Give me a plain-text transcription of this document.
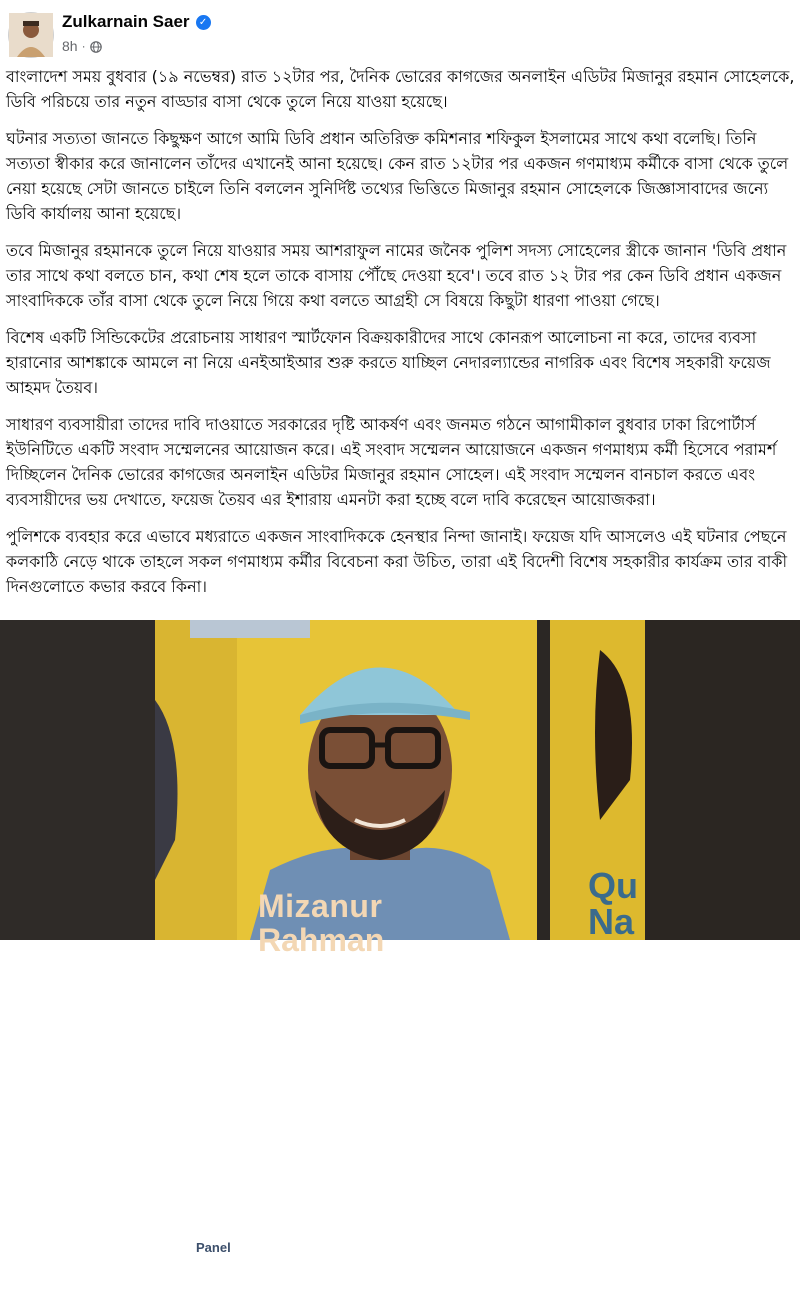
Zulkarnain Saer ✓
8h ·

বাংলাদেশ সময় বুধবার (১৯ নভেম্বর) রাত ১২টার পর, দৈনিক ভোরের কাগজের অনলাইন এডিটর মিজানুর রহমান সোহেলকে, ডিবি পরিচয়ে তার নতুন বাড্ডার বাসা থেকে তুলে নিয়ে যাওয়া হয়েছে।

ঘটনার সত্যতা জানতে কিছুক্ষণ আগে আমি ডিবি প্রধান অতিরিক্ত কমিশনার শফিকুল ইসলামের সাথে কথা বলেছি। তিনি সত্যতা স্বীকার করে জানালেন তাঁদের এখানেই আনা হয়েছে। কেন রাত ১২টার পর একজন গণমাধ্যম কর্মীকে বাসা থেকে তুলে নেয়া হয়েছে সেটা জানতে চাইলে তিনি বললেন সুনির্দিষ্ট তথ্যের ভিত্তিতে মিজানুর রহমান সোহেলকে জিজ্ঞাসাবাদের জন্যে ডিবি কার্যালয় আনা হয়েছে।

তবে মিজানুর রহমানকে তুলে নিয়ে যাওয়ার সময় আশরাফুল নামের জনৈক পুলিশ সদস্য সোহেলের স্ত্রীকে জানান 'ডিবি প্রধান তার সাথে কথা বলতে চান, কথা শেষ হলে তাকে বাসায় পৌঁছে দেওয়া হবে'। তবে রাত ১২ টার পর কেন ডিবি প্রধান একজন সাংবাদিককে তাঁর বাসা থেকে তুলে নিয়ে গিয়ে কথা বলতে আগ্রহী সে বিষয়ে কিছুটা ধারণা পাওয়া গেছে।

বিশেষ একটি সিন্ডিকেটের প্ররোচনায় সাধারণ স্মার্টফোন বিক্রয়কারীদের সাথে কোনরূপ আলোচনা না করে, তাদের ব্যবসা হারানোর আশঙ্কাকে আমলে না নিয়ে এনইআইআর শুরু করতে যাচ্ছিল নেদারল্যান্ডের নাগরিক এবং বিশেষ সহকারী ফয়েজ আহমদ তৈয়ব।

সাধারণ ব্যবসায়ীরা তাদের দাবি দাওয়াতে সরকারের দৃষ্টি আকর্ষণ এবং জনমত গঠনে আগামীকাল বুধবার ঢাকা রিপোর্টার্স ইউনিটিতে একটি সংবাদ সম্মেলনের আয়োজন করে। এই সংবাদ সম্মেলন আয়োজনে একজন গণমাধ্যম কর্মী হিসেবে পরামর্শ দিচ্ছিলেন দৈনিক ভোরের কাগজের অনলাইন এডিটর মিজানুর রহমান সোহেল। এই সংবাদ সম্মেলন বানচাল করতে এবং ব্যবসায়ীদের ভয় দেখাতে, ফয়েজ তৈয়ব এর ইশারায় এমনটা করা হচ্ছে বলে দাবি করেছেন আয়োজকরা।

পুলিশকে ব্যবহার করে এভাবে মধ্যরাতে একজন সাংবাদিককে হেনস্থার নিন্দা জানাই। ফয়েজ যদি আসলেও এই ঘটনার পেছনে কলকাঠি নেড়ে থাকে তাহলে সকল গণমাধ্যম কর্মীর বিবেচনা করা উচিত, তারা এই বিদেশী বিশেষ সহকারীর কার্যক্রম তার বাকী দিনগুলোতে কভার করবে কিনা।

SINGAPORE
Panel
Mizanur
Rahman
Qu
Na
